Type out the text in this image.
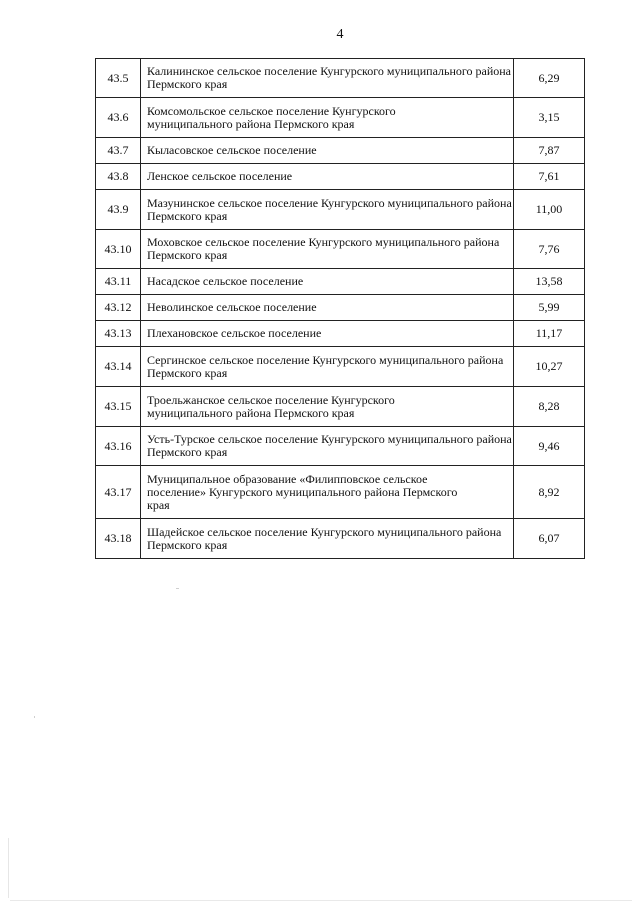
4
43.5	Калининское сельское поселение Кунгурского муниципального района Пермского края	6,29
43.6	Комсомольское сельское поселение Кунгурского муниципального района Пермского края	3,15
43.7	Кыласовское сельское поселение	7,87
43.8	Ленское сельское поселение	7,61
43.9	Мазунинское сельское поселение Кунгурского муниципального района Пермского края	11,00
43.10	Моховское сельское поселение Кунгурского муниципального района Пермского края	7,76
43.11	Насадское сельское поселение	13,58
43.12	Неволинское сельское поселение	5,99
43.13	Плехановское сельское поселение	11,17
43.14	Сергинское сельское поселение Кунгурского муниципального района Пермского края	10,27
43.15	Троельжанское сельское поселение Кунгурского муниципального района Пермского края	8,28
43.16	Усть-Турское сельское поселение Кунгурского муниципального района Пермского края	9,46
43.17	Муниципальное образование «Филипповское сельское поселение» Кунгурского муниципального района Пермского края	8,92
43.18	Шадейское сельское поселение Кунгурского муниципального района Пермского края	6,07
